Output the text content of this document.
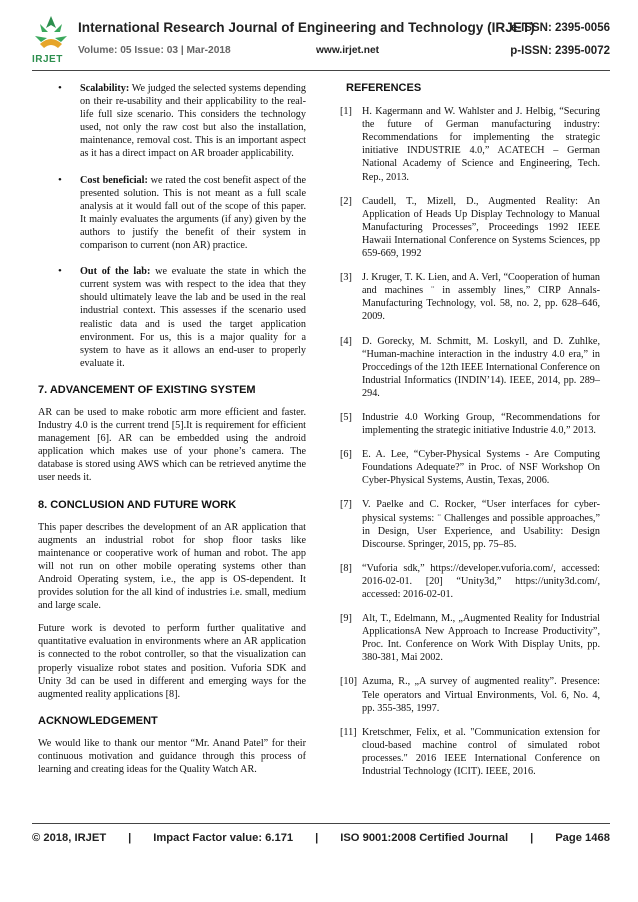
IRJET
International Research Journal of Engineering and Technology (IRJET)
e-ISSN: 2395-0056
Volume: 05 Issue: 03 | Mar-2018	www.irjet.net	p-ISSN: 2395-0072
• Scalability: We judged the selected systems depending on their re-usability and their applicability to the real-life full size scenario. This considers the technology used, not only the raw cost but also the installation, maintenance, removal cost. This is an important aspect as it has a direct impact on AR broader applicability.
• Cost beneficial: we rated the cost benefit aspect of the presented solution. This is not meant as a full scale analysis at it would fall out of the scope of this paper. It mainly evaluates the arguments (if any) given by the authors to justify the benefit of their system in comparison to current (non AR) practice.
• Out of the lab: we evaluate the state in which the current system was with respect to the idea that they should ultimately leave the lab and be used in the real industrial context. This assesses if the scenario used realistic data and is used the target application environment. For us, this is a major quality for a system to have as it allows an end-user to properly evaluate it.
7. ADVANCEMENT OF EXISTING SYSTEM

AR can be used to make robotic arm more efficient and faster. Industry 4.0 is the current trend [5].It is requirement for efficient management [6]. AR can be embedded using the android application which makes use of your phone’s camera. The database is stored using AWS which can be retrieved anytime the user needs it.

8. CONCLUSION AND FUTURE WORK

This paper describes the development of an AR application that augments an industrial robot for shop floor tasks like maintenance or cooperative work of human and robot. The app will not run on other mobile operating systems other than Android Operating system, i.e., the app is OS-dependent. It provides solution for the all kind of industries i.e. small, medium and large scale.

Future work is devoted to perform further qualitative and quantitative evaluation in environments where an AR application is connected to the robot controller, so that the visualization can properly visualize robot states and position. Vuforia SDK and Unity 3d can be used in different and emerging ways for the augmented reality applications [8].

ACKNOWLEDGEMENT

We would like to thank our mentor “Mr. Anand Patel” for their continuous motivation and guidance through this process of learning and creating ideas for the Quality Watch AR.

REFERENCES
[1] H. Kagermann and W. Wahlster and J. Helbig, “Securing the future of German manufacturing industry: Recommendations for implementing the strategic initiative INDUSTRIE 4.0,” ACATECH – German National Academy of Science and Engineering, Tech. Rep., 2013.
[2] Caudell, T., Mizell, D., Augmented Reality: An Application of Heads Up Display Technology to Manual Manufacturing Processes”, Proceedings 1992 IEEE Hawaii International Conference on Systems Sciences, pp 659-669, 1992
[3] J. Kruger, T. K. Lien, and A. Verl, “Cooperation of human and machines ¨ in assembly lines,” CIRP Annals-Manufacturing Technology, vol. 58, no. 2, pp. 628–646, 2009.
[4] D. Gorecky, M. Schmitt, M. Loskyll, and D. Zuhlke, “Human-machine interaction in the industry 4.0 era,” in Proccedings of the 12th IEEE International Conference on Industrial Informatics (INDIN’14). IEEE, 2014, pp. 289–294.
[5] Industrie 4.0 Working Group, “Recommendations for implementing the strategic initiative Industrie 4.0,” 2013.
[6] E. A. Lee, “Cyber-Physical Systems - Are Computing Foundations Adequate?” in Proc. of NSF Workshop On Cyber-Physical Systems, Austin, Texas, 2006.
[7] V. Paelke and C. Rocker, “User interfaces for cyber-physical systems: ¨ Challenges and possible approaches,” in Design, User Experience, and Usability: Design Discourse. Springer, 2015, pp. 75–85.
[8] “Vuforia sdk,” https://developer.vuforia.com/, accessed: 2016-02-01. [20] “Unity3d,” https://unity3d.com/, accessed: 2016-02-01.
[9] Alt, T., Edelmann, M., „Augmented Reality for Industrial ApplicationsA New Approach to Increase Productivity”, Proc. Int. Conference on Work With Display Units, pp. 380-381, Mai 2002.
[10] Azuma, R., „A survey of augmented reality”. Presence: Tele operators and Virtual Environments, Vol. 6, No. 4, pp. 355-385, 1997.
[11] Kretschmer, Felix, et al. "Communication extension for cloud-based machine control of simulated robot processes." 2016 IEEE International Conference on Industrial Technology (ICIT). IEEE, 2016.
© 2018, IRJET | Impact Factor value: 6.171 | ISO 9001:2008 Certified Journal | Page 1468
